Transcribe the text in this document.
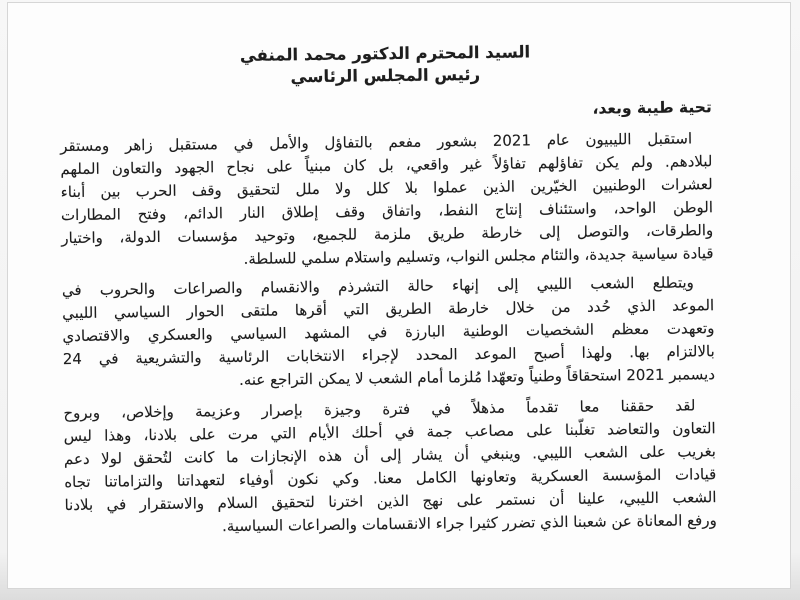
السيد المحترم الدكتور محمد المنفي
رئيس المجلس الرئاسي
تحية طيبة وبعد،
استقبل الليبيون عام 2021 بشعور مفعم بالتفاؤل والأمل في مستقبل زاهر ومستقر
لبلادهم. ولم يكن تفاؤلهم تفاؤلاً غير واقعي، بل كان مبنياً على نجاح الجهود والتعاون الملهم
لعشرات الوطنيين الخيّرين الذين عملوا بلا كلل ولا ملل لتحقيق وقف الحرب بين أبناء
الوطن الواحد، واستئناف إنتاج النفط، واتفاق وقف إطلاق النار الدائم، وفتح المطارات
والطرقات، والتوصل إلى خارطة طريق ملزمة للجميع، وتوحيد مؤسسات الدولة، واختيار
قيادة سياسية جديدة، والتئام مجلس النواب، وتسليم واستلام سلمي للسلطة.
ويتطلع الشعب الليبي إلى إنهاء حالة التشرذم والانقسام والصراعات والحروب في
الموعد الذي حُدد من خلال خارطة الطريق التي أقرها ملتقى الحوار السياسي الليبي
وتعهدت معظم الشخصيات الوطنية البارزة في المشهد السياسي والعسكري والاقتصادي
بالالتزام بها. ولهذا أصبح الموعد المحدد لإجراء الانتخابات الرئاسية والتشريعية في 24
ديسمبر 2021 استحقاقاً وطنياً وتعهّدا مُلزما أمام الشعب لا يمكن التراجع عنه.
لقد حققنا معا تقدماً مذهلاً في فترة وجيزة بإصرار وعزيمة وإخلاص، وبروح
التعاون والتعاضد تغلّبنا على مصاعب جمة في أحلك الأيام التي مرت على بلادنا، وهذا ليس
بغريب على الشعب الليبي. وينبغي أن يشار إلى أن هذه الإنجازات ما كانت لتُحقق لولا دعم
قيادات المؤسسة العسكرية وتعاونها الكامل معنا. وكي نكون أوفياء لتعهداتنا والتزاماتنا تجاه
الشعب الليبي، علينا أن نستمر على نهج الذين اخترنا لتحقيق السلام والاستقرار في بلادنا
ورفع المعاناة عن شعبنا الذي تضرر كثيرا جراء الانقسامات والصراعات السياسية.
